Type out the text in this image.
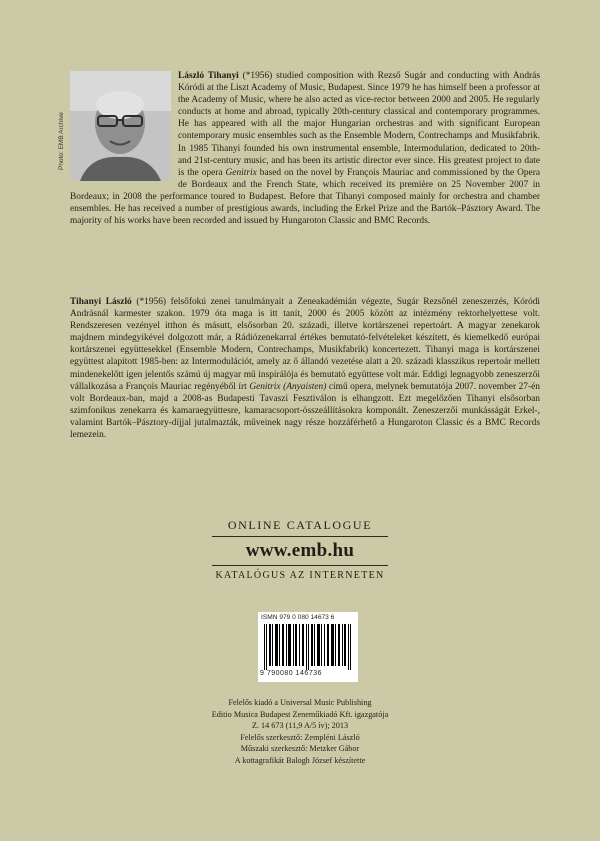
Photo: EMB Archive
László Tihanyi (*1956) studied composition with Rezső Sugár and conducting with András Kóródi at the Liszt Academy of Music, Budapest. Since 1979 he has himself been a professor at the Academy of Music, where he also acted as vice-rector between 2000 and 2005. He regularly conducts at home and abroad, typically 20th-century classical and contemporary programmes. He has appeared with all the major Hungarian orchestras and with significant European contemporary music ensembles such as the Ensemble Modern, Contrechamps and Musikfabrik. In 1985 Tihanyi founded his own instrumental ensemble, Intermodulation, dedicated to 20th- and 21st-century music, and has been its artistic director ever since. His greatest project to date is the opera Genitrix based on the novel by François Mauriac and commissioned by the Opera de Bordeaux and the French State, which received its première on 25 November 2007 in Bordeaux; in 2008 the performance toured to Budapest. Before that Tihanyi composed mainly for orchestra and chamber ensembles. He has received a number of prestigious awards, including the Erkel Prize and the Bartók–Pásztory Award. The majority of his works have been recorded and issued by Hungaroton Classic and BMC Records.
Tihanyi László (*1956) felsőfokú zenei tanulmányait a Zeneakadémián végezte, Sugár Rezsőnél zeneszerzés, Kóródi Andrásnál karmester szakon. 1979 óta maga is itt tanít, 2000 és 2005 között az intézmény rektorhelyettese volt. Rendszeresen vezényel itthon és másutt, elsősorban 20. századi, illetve kortárszenei repertoárt. A magyar zenekarok majdnem mindegyikével dolgozott már, a Rádiózenekarral értékes bemutató-felvételeket készített, és kiemelkedő európai kortárszenei együttesekkel (Ensemble Modern, Contrechamps, Musikfabrik) koncertezett. Tihanyi maga is kortárszenei együttest alapított 1985-ben: az Intermodulációt, amely az ő állandó vezetése alatt a 20. századi klasszikus repertoár mellett mindenekelőtt igen jelentős számú új magyar mű inspirálója és bemutató együttese volt már. Eddigi legnagyobb zeneszerzői vállalkozása a François Mauriac regényéből írt Genitrix (Anyaisten) című opera, melynek bemutatója 2007. november 27-én volt Bordeaux-ban, majd a 2008-as Budapesti Tavaszi Fesztiválon is elhangzott. Ezt megelőzően Tihanyi elsősorban szimfonikus zenekarra és kamaraegyüttesre, kamaracsoport-összeállításokra komponált. Zeneszerzői munkásságát Erkel-, valamint Bartók–Pásztory-díjjal jutalmazták, műveinek nagy része hozzáférhető a Hungaroton Classic és a BMC Records lemezein.
ONLINE CATALOGUE
www.emb.hu
KATALÓGUS AZ INTERNETEN
ISMN 979 0 080 14673 6
9 790080 146736
Felelős kiadó a Universal Music Publishing
Editio Musica Budapest Zeneműkiadó Kft. igazgatója
Z. 14 673 (11,9 A/5 ív); 2013
Felelős szerkesztő: Zempléni László
Műszaki szerkesztő: Metzker Gábor
A kottagrafikát Balogh József készítette
